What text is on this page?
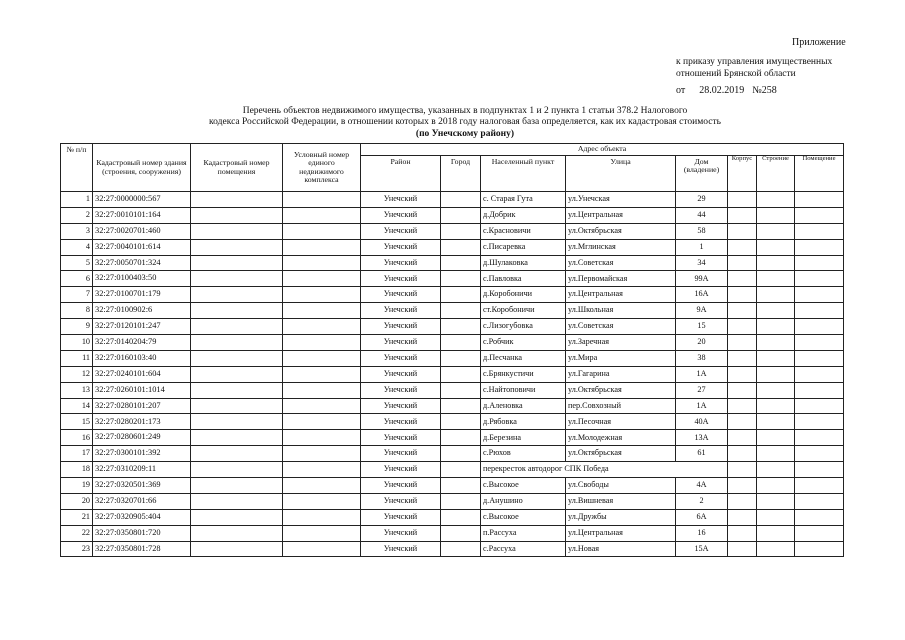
Приложение
к приказу управления имущественных
отношений Брянской области
от 28.02.2019 №258
Перечень объектов недвижимого имущества, указанных в подпунктах 1 и 2 пункта 1 статьи 378.2 Налогового
кодекса Российской Федерации, в отношении которых в 2018 году налоговая база определяется, как их кадастровая стоимость
(по Унечскому району)
№ п/п	Кадастровый номер здания (строения, сооружения)	Кадастровый номер помещения	Условный номер единого недвижимого комплекса	Адрес объекта							
				Район	Город	Населенный пункт	Улица	Дом (владение)	Корпус	Строение	Помещение
1	32:27:0000000:567			Унечский		с. Старая Гута	ул.Унечская	29			
2	32:27:0010101:164			Унечский		д.Добрик	ул.Центральная	44			
3	32:27:0020701:460			Унечский		с.Красновичи	ул.Октябрьская	58			
4	32:27:0040101:614			Унечский		с.Писаревка	ул.Мглинская	1			
5	32:27:0050701:324			Унечский		д.Шулаковка	ул.Советская	34			
6	32:27:0100403:50			Унечский		с.Павловка	ул.Первомайская	99А			
7	32:27:0100701:179			Унечский		д.Коробоничи	ул.Центральная	16А			
8	32:27:0100902:6			Унечский		ст.Коробоничи	ул.Школьная	9А			
9	32:27:0120101:247			Унечский		с.Лизогубовка	ул.Советская	15			
10	32:27:0140204:79			Унечский		с.Робчик	ул.Заречная	20			
11	32:27:0160103:40			Унечский		д.Песчанка	ул.Мира	38			
12	32:27:0240101:604			Унечский		с.Брянкустичи	ул.Гагарина	1А			
13	32:27:0260101:1014			Унечский		с.Найтоповичи	ул.Октябрьская	27			
14	32:27:0280101:207			Унечский		д.Аленовка	пер.Совхозный	1А			
15	32:27:0280201:173			Унечский		д.Рябовка	ул.Песочная	40А			
16	32:27:0280601:249			Унечский		д.Березина	ул.Молодежная	13А			
17	32:27:0300101:392			Унечский		с.Рюхов	ул.Октябрьская	61			
18	32:27:0310209:11			Унечский		перекресток автодорог СПК Победа					
19	32:27:0320501:369			Унечский		с.Высокое	ул.Свободы	4А			
20	32:27:0320701:66			Унечский		д.Анушино	ул.Вишневая	2			
21	32:27:0320905:404			Унечский		с.Высокое	ул.Дружбы	6А			
22	32:27:0350801:720			Унечский		п.Рассуха	ул.Центральная	16			
23	32:27:0350801:728			Унечский		с.Рассуха	ул.Новая	15А			
